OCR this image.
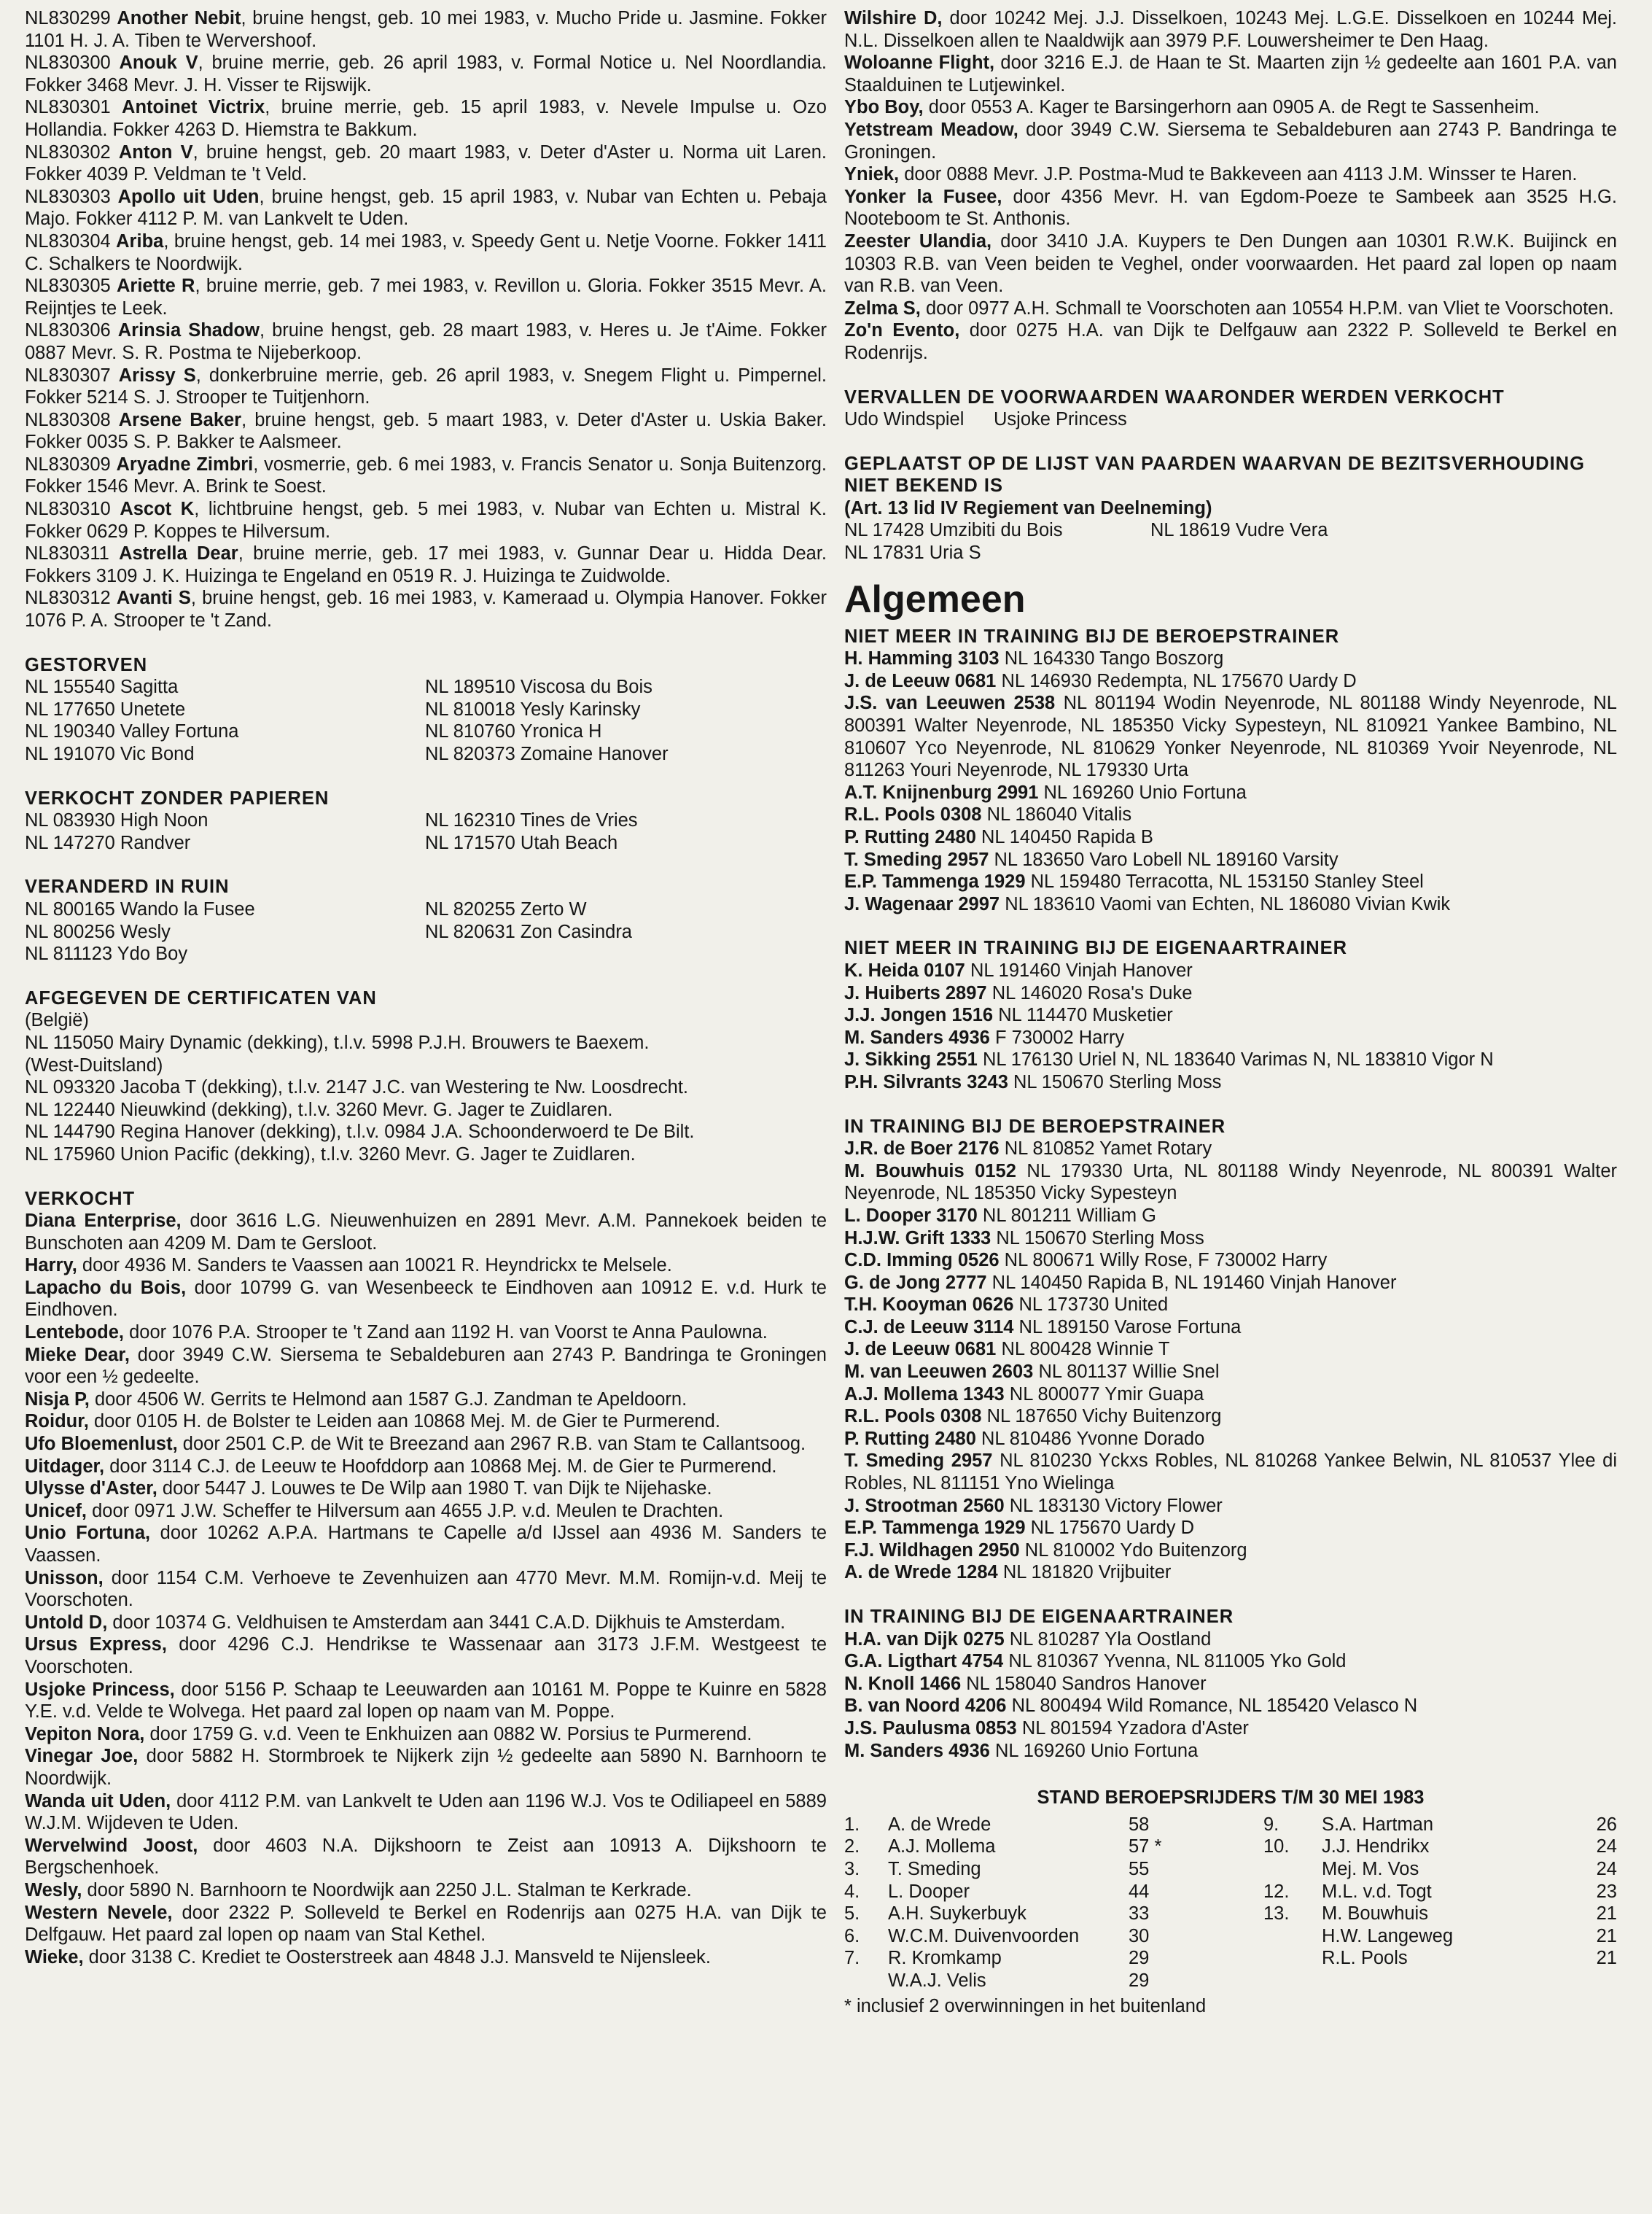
NL830299 Another Nebit, bruine hengst, geb. 10 mei 1983, v. Mucho Pride u. Jasmine. Fokker 1101 H. J. A. Tiben te Wervershoof.

NL830300 Anouk V, bruine merrie, geb. 26 april 1983, v. Formal Notice u. Nel Noordlandia. Fokker 3468 Mevr. J. H. Visser te Rijswijk.

NL830301 Antoinet Victrix, bruine merrie, geb. 15 april 1983, v. Nevele Impulse u. Ozo Hollandia. Fokker 4263 D. Hiemstra te Bakkum.

NL830302 Anton V, bruine hengst, geb. 20 maart 1983, v. Deter d'Aster u. Norma uit Laren. Fokker 4039 P. Veldman te 't Veld.

NL830303 Apollo uit Uden, bruine hengst, geb. 15 april 1983, v. Nubar van Echten u. Pebaja Majo. Fokker 4112 P. M. van Lankvelt te Uden.

NL830304 Ariba, bruine hengst, geb. 14 mei 1983, v. Speedy Gent u. Netje Voorne. Fokker 1411 C. Schalkers te Noordwijk.

NL830305 Ariette R, bruine merrie, geb. 7 mei 1983, v. Revillon u. Gloria. Fokker 3515 Mevr. A. Reijntjes te Leek.

NL830306 Arinsia Shadow, bruine hengst, geb. 28 maart 1983, v. Heres u. Je t'Aime. Fokker 0887 Mevr. S. R. Postma te Nijeberkoop.

NL830307 Arissy S, donkerbruine merrie, geb. 26 april 1983, v. Snegem Flight u. Pimpernel. Fokker 5214 S. J. Strooper te Tuitjenhorn.

NL830308 Arsene Baker, bruine hengst, geb. 5 maart 1983, v. Deter d'Aster u. Uskia Baker. Fokker 0035 S. P. Bakker te Aalsmeer.

NL830309 Aryadne Zimbri, vosmerrie, geb. 6 mei 1983, v. Francis Senator u. Sonja Buitenzorg. Fokker 1546 Mevr. A. Brink te Soest.

NL830310 Ascot K, lichtbruine hengst, geb. 5 mei 1983, v. Nubar van Echten u. Mistral K. Fokker 0629 P. Koppes te Hilversum.

NL830311 Astrella Dear, bruine merrie, geb. 17 mei 1983, v. Gunnar Dear u. Hidda Dear. Fokkers 3109 J. K. Huizinga te Engeland en 0519 R. J. Huizinga te Zuidwolde.

NL830312 Avanti S, bruine hengst, geb. 16 mei 1983, v. Kameraad u. Olympia Hanover. Fokker 1076 P. A. Strooper te 't Zand.

GESTORVEN

NL 155540 Sagitta	NL 189510 Viscosa du Bois
NL 177650 Unetete	NL 810018 Yesly Karinsky
NL 190340 Valley Fortuna	NL 810760 Yronica H
NL 191070 Vic Bond	NL 820373 Zomaine Hanover

VERKOCHT ZONDER PAPIEREN

NL 083930 High Noon	NL 162310 Tines de Vries
NL 147270 Randver	NL 171570 Utah Beach

VERANDERD IN RUIN

NL 800165 Wando la Fusee	NL 820255 Zerto W
NL 800256 Wesly	NL 820631 Zon Casindra
NL 811123 Ydo Boy

AFGEGEVEN DE CERTIFICATEN VAN

(België)

NL 115050 Mairy Dynamic (dekking), t.l.v. 5998 P.J.H. Brouwers te Baexem.

(West-Duitsland)

NL 093320 Jacoba T (dekking), t.l.v. 2147 J.C. van Westering te Nw. Loosdrecht.

NL 122440 Nieuwkind (dekking), t.l.v. 3260 Mevr. G. Jager te Zuidlaren.

NL 144790 Regina Hanover (dekking), t.l.v. 0984 J.A. Schoonderwoerd te De Bilt.

NL 175960 Union Pacific (dekking), t.l.v. 3260 Mevr. G. Jager te Zuidlaren.

VERKOCHT

Diana Enterprise, door 3616 L.G. Nieuwenhuizen en 2891 Mevr. A.M. Pannekoek beiden te Bunschoten aan 4209 M. Dam te Gersloot.

Harry, door 4936 M. Sanders te Vaassen aan 10021 R. Heyndrickx te Melsele.

Lapacho du Bois, door 10799 G. van Wesenbeeck te Eindhoven aan 10912 E. v.d. Hurk te Eindhoven.

Lentebode, door 1076 P.A. Strooper te 't Zand aan 1192 H. van Voorst te Anna Paulowna.

Mieke Dear, door 3949 C.W. Siersema te Sebaldeburen aan 2743 P. Bandringa te Groningen voor een ½ gedeelte.

Nisja P, door 4506 W. Gerrits te Helmond aan 1587 G.J. Zandman te Apeldoorn.

Roidur, door 0105 H. de Bolster te Leiden aan 10868 Mej. M. de Gier te Purmerend.

Ufo Bloemenlust, door 2501 C.P. de Wit te Breezand aan 2967 R.B. van Stam te Callantsoog.

Uitdager, door 3114 C.J. de Leeuw te Hoofddorp aan 10868 Mej. M. de Gier te Purmerend.

Ulysse d'Aster, door 5447 J. Louwes te De Wilp aan 1980 T. van Dijk te Nijehaske.

Unicef, door 0971 J.W. Scheffer te Hilversum aan 4655 J.P. v.d. Meulen te Drachten.

Unio Fortuna, door 10262 A.P.A. Hartmans te Capelle a/d IJssel aan 4936 M. Sanders te Vaassen.

Unisson, door 1154 C.M. Verhoeve te Zevenhuizen aan 4770 Mevr. M.M. Romijn-v.d. Meij te Voorschoten.

Untold D, door 10374 G. Veldhuisen te Amsterdam aan 3441 C.A.D. Dijkhuis te Amsterdam.

Ursus Express, door 4296 C.J. Hendrikse te Wassenaar aan 3173 J.F.M. Westgeest te Voorschoten.

Usjoke Princess, door 5156 P. Schaap te Leeuwarden aan 10161 M. Poppe te Kuinre en 5828 Y.E. v.d. Velde te Wolvega. Het paard zal lopen op naam van M. Poppe.

Vepiton Nora, door 1759 G. v.d. Veen te Enkhuizen aan 0882 W. Porsius te Purmerend.

Vinegar Joe, door 5882 H. Stormbroek te Nijkerk zijn ½ gedeelte aan 5890 N. Barnhoorn te Noordwijk.

Wanda uit Uden, door 4112 P.M. van Lankvelt te Uden aan 1196 W.J. Vos te Odiliapeel en 5889 W.J.M. Wijdeven te Uden.

Wervelwind Joost, door 4603 N.A. Dijkshoorn te Zeist aan 10913 A. Dijkshoorn te Bergschenhoek.

Wesly, door 5890 N. Barnhoorn te Noordwijk aan 2250 J.L. Stalman te Kerkrade.

Western Nevele, door 2322 P. Solleveld te Berkel en Rodenrijs aan 0275 H.A. van Dijk te Delfgauw. Het paard zal lopen op naam van Stal Kethel.

Wieke, door 3138 C. Krediet te Oosterstreek aan 4848 J.J. Mansveld te Nijensleek.

Wilshire D, door 10242 Mej. J.J. Disselkoen, 10243 Mej. L.G.E. Disselkoen en 10244 Mej. N.L. Disselkoen allen te Naaldwijk aan 3979 P.F. Louwersheimer te Den Haag.

Woloanne Flight, door 3216 E.J. de Haan te St. Maarten zijn ½ gedeelte aan 1601 P.A. van Staalduinen te Lutjewinkel.

Ybo Boy, door 0553 A. Kager te Barsingerhorn aan 0905 A. de Regt te Sassenheim.

Yetstream Meadow, door 3949 C.W. Siersema te Sebaldeburen aan 2743 P. Bandringa te Groningen.

Yniek, door 0888 Mevr. J.P. Postma-Mud te Bakkeveen aan 4113 J.M. Winsser te Haren.

Yonker la Fusee, door 4356 Mevr. H. van Egdom-Poeze te Sambeek aan 3525 H.G. Nooteboom te St. Anthonis.

Zeester Ulandia, door 3410 J.A. Kuypers te Den Dungen aan 10301 R.W.K. Buijinck en 10303 R.B. van Veen beiden te Veghel, onder voorwaarden. Het paard zal lopen op naam van R.B. van Veen.

Zelma S, door 0977 A.H. Schmall te Voorschoten aan 10554 H.P.M. van Vliet te Voorschoten.

Zo'n Evento, door 0275 H.A. van Dijk te Delfgauw aan 2322 P. Solleveld te Berkel en Rodenrijs.

VERVALLEN DE VOORWAARDEN WAARONDER WERDEN VERKOCHT

Udo Windspiel	Usjoke Princess

GEPLAATST OP DE LIJST VAN PAARDEN WAARVAN DE BEZITSVERHOUDING NIET BEKEND IS

(Art. 13 lid IV Regiement van Deelneming)

NL 17428 Umzibiti du Bois	NL 18619 Vudre Vera

NL 17831 Uria S

Algemeen

NIET MEER IN TRAINING BIJ DE BEROEPSTRAINER

H. Hamming 3103 NL 164330 Tango Boszorg

J. de Leeuw 0681 NL 146930 Redempta, NL 175670 Uardy D

J.S. van Leeuwen 2538 NL 801194 Wodin Neyenrode, NL 801188 Windy Neyenrode, NL 800391 Walter Neyenrode, NL 185350 Vicky Sypesteyn, NL 810921 Yankee Bambino, NL 810607 Yco Neyenrode, NL 810629 Yonker Neyenrode, NL 810369 Yvoir Neyenrode, NL 811263 Youri Neyenrode, NL 179330 Urta

A.T. Knijnenburg 2991 NL 169260 Unio Fortuna

R.L. Pools 0308 NL 186040 Vitalis

P. Rutting 2480 NL 140450 Rapida B

T. Smeding 2957 NL 183650 Varo Lobell NL 189160 Varsity

E.P. Tammenga 1929 NL 159480 Terracotta, NL 153150 Stanley Steel

J. Wagenaar 2997 NL 183610 Vaomi van Echten, NL 186080 Vivian Kwik

NIET MEER IN TRAINING BIJ DE EIGENAARTRAINER

K. Heida 0107 NL 191460 Vinjah Hanover

J. Huiberts 2897 NL 146020 Rosa's Duke

J.J. Jongen 1516 NL 114470 Musketier

M. Sanders 4936 F 730002 Harry

J. Sikking 2551 NL 176130 Uriel N, NL 183640 Varimas N, NL 183810 Vigor N

P.H. Silvrants 3243 NL 150670 Sterling Moss

IN TRAINING BIJ DE BEROEPSTRAINER

J.R. de Boer 2176 NL 810852 Yamet Rotary

M. Bouwhuis 0152 NL 179330 Urta, NL 801188 Windy Neyenrode, NL 800391 Walter Neyenrode, NL 185350 Vicky Sypesteyn

L. Dooper 3170 NL 801211 William G

H.J.W. Grift 1333 NL 150670 Sterling Moss

C.D. Imming 0526 NL 800671 Willy Rose, F 730002 Harry

G. de Jong 2777 NL 140450 Rapida B, NL 191460 Vinjah Hanover

T.H. Kooyman 0626 NL 173730 United

C.J. de Leeuw 3114 NL 189150 Varose Fortuna

J. de Leeuw 0681 NL 800428 Winnie T

M. van Leeuwen 2603 NL 801137 Willie Snel

A.J. Mollema 1343 NL 800077 Ymir Guapa

R.L. Pools 0308 NL 187650 Vichy Buitenzorg

P. Rutting 2480 NL 810486 Yvonne Dorado

T. Smeding 2957 NL 810230 Yckxs Robles, NL 810268 Yankee Belwin, NL 810537 Ylee di Robles, NL 811151 Yno Wielinga

J. Strootman 2560 NL 183130 Victory Flower

E.P. Tammenga 1929 NL 175670 Uardy D

F.J. Wildhagen 2950 NL 810002 Ydo Buitenzorg

A. de Wrede 1284 NL 181820 Vrijbuiter

IN TRAINING BIJ DE EIGENAARTRAINER

H.A. van Dijk 0275 NL 810287 Yla Oostland

G.A. Ligthart 4754 NL 810367 Yvenna, NL 811005 Yko Gold

N. Knoll 1466 NL 158040 Sandros Hanover

B. van Noord 4206 NL 800494 Wild Romance, NL 185420 Velasco N

J.S. Paulusma 0853 NL 801594 Yzadora d'Aster

M. Sanders 4936 NL 169260 Unio Fortuna

STAND BEROEPSRIJDERS T/M 30 MEI 1983

1.	A. de Wrede	58	9.	S.A. Hartman	26
2.	A.J. Mollema	57 *	10.	J.J. Hendrikx	24
3.	T. Smeding	55		Mej. M. Vos	24
4.	L. Dooper	44	12.	M.L. v.d. Togt	23
5.	A.H. Suykerbuyk	33	13.	M. Bouwhuis	21
6.	W.C.M. Duivenvoorden	30		H.W. Langeweg	21
7.	R. Kromkamp	29		R.L. Pools	21
	W.A.J. Velis	29			

* inclusief 2 overwinningen in het buitenland
